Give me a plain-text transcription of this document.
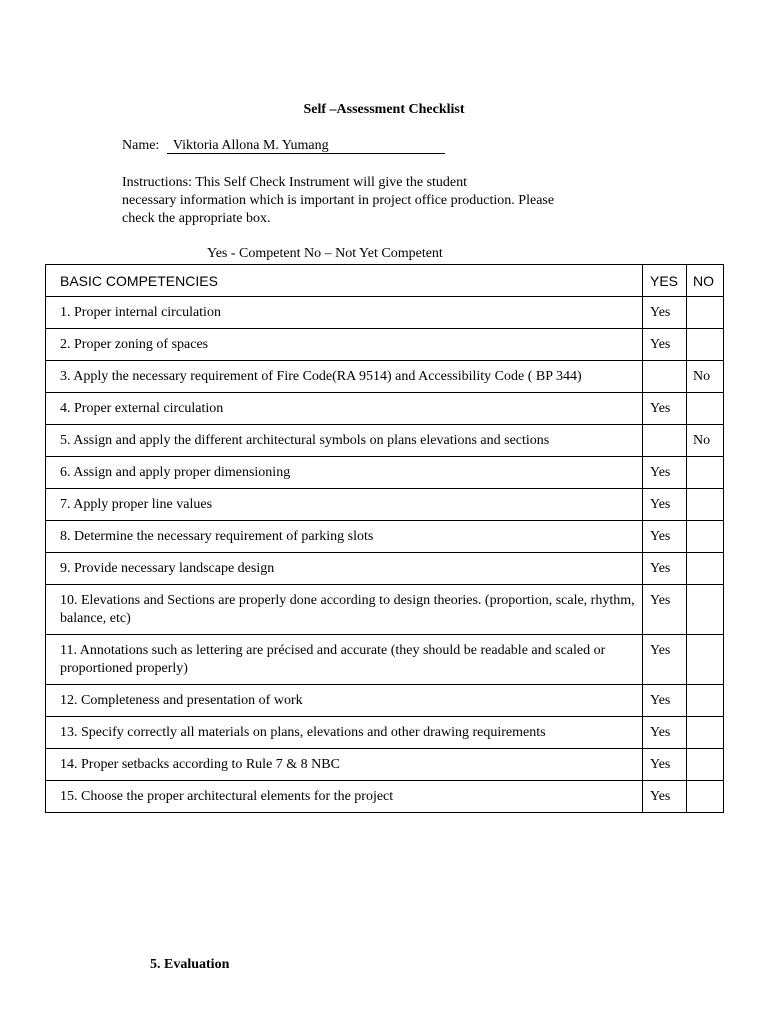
Self –Assessment Checklist
Name: Viktoria Allona M. Yumang
Instructions: This Self Check Instrument will give the student
necessary information which is important in project office production. Please
check the appropriate box.
Yes - Competent No – Not Yet Competent
BASIC COMPETENCIES	YES	NO
1. Proper internal circulation	Yes	
2. Proper zoning of spaces	Yes	
3. Apply the necessary requirement of Fire Code(RA 9514) and Accessibility Code ( BP 344)		No
4. Proper external circulation	Yes	
5. Assign and apply the different architectural symbols on plans elevations and sections		No
6. Assign and apply proper dimensioning	Yes	
7. Apply proper line values	Yes	
8. Determine the necessary requirement of parking slots	Yes	
9. Provide necessary landscape design	Yes	
10. Elevations and Sections are properly done according to design theories. (proportion, scale, rhythm, balance, etc)	Yes	
11. Annotations such as lettering are précised and accurate (they should be readable and scaled or proportioned properly)	Yes	
12. Completeness and presentation of work	Yes	
13. Specify correctly all materials on plans, elevations and other drawing requirements	Yes	
14. Proper setbacks according to Rule 7 & 8 NBC	Yes	
15. Choose the proper architectural elements for the project	Yes	
5. Evaluation
